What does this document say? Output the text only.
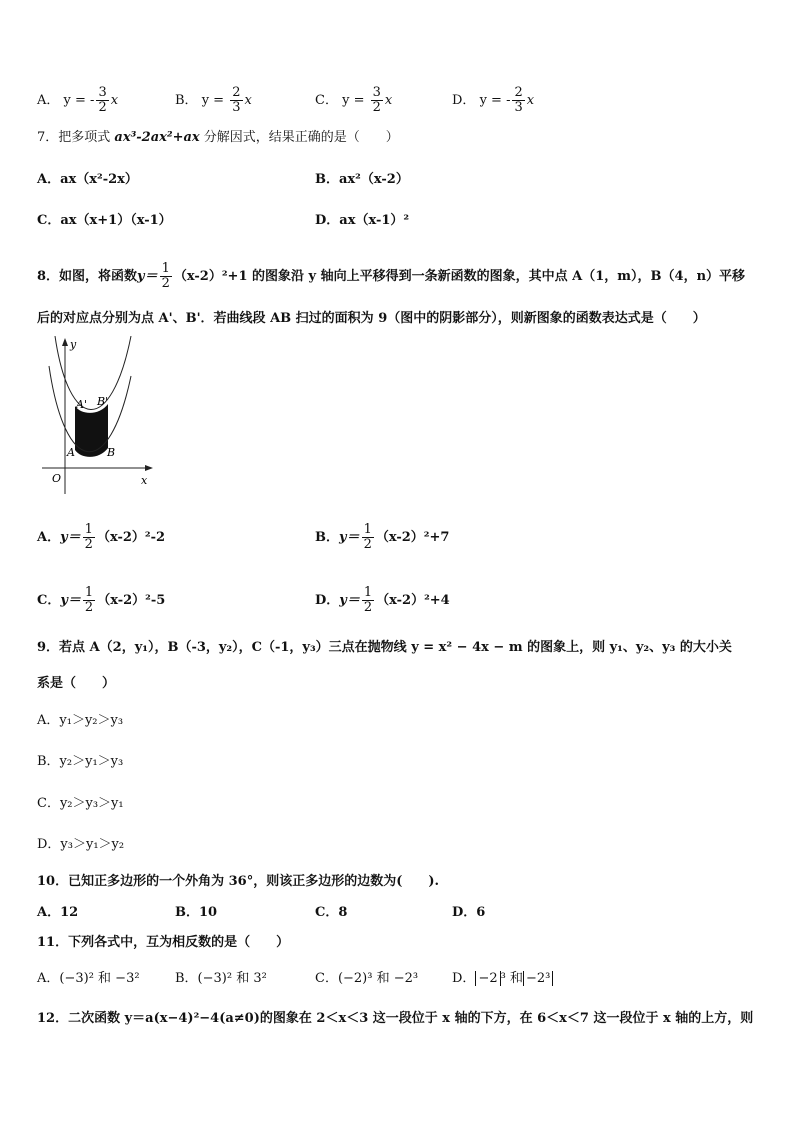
A． y = - $\frac{3}{2}$ x	B． $y = \frac{2}{3}$ x	C． $y = \frac{3}{2}$ x	D． y = - $\frac{2}{3}$ x
7．把多项式 ax³-2ax²+ax 分解因式，结果正确的是（　　）
A．ax（x²-2x）	B．ax²（x-2）
C．ax（x+1）（x-1）	D．ax（x-1）²
8．如图，将函数$y= \frac{1}{2} (x-2)^2+1$ 的图象沿 y 轴向上平移得到一条新函数的图象，其中点 A（1，m），B（4，n）平移
后的对应点分别为点 A'、B'．若曲线段 AB 扫过的面积为 9（图中的阴影部分），则新图象的函数表达式是（　　）
y
x
O
A	B
A' B'
A．$y= \frac{1}{2} (x-2)^2-2$	B．$y= \frac{1}{2} (x-2)^2+7$
C．$y= \frac{1}{2} (x-2)^2-5$	D．$y= \frac{1}{2} (x-2)^2+4$
9．若点 A（2，y₁），B（-3，y₂），C（-1，y₃）三点在抛物线 y = x² − 4x − m 的图象上，则 y₁、y₂、y₃ 的大小关
系是（　　）
A．y₁＞y₂＞y₃
B．y₂＞y₁＞y₃
C．y₂＞y₃＞y₁
D．y₃＞y₁＞y₂
10．已知正多边形的一个外角为 36°，则该正多边形的边数为(　　).
A．12	B．10	C．8	D．6
11．下列各式中，互为相反数的是（　　）
A．(−3)² 和 −3²	B．(−3)² 和 3²	C．(−2)³ 和 −2³	D． −2 ³ 和 −2³
12．二次函数 y＝a(x−4)²−4(a≠0)的图象在 2＜x＜3 这一段位于 x 轴的下方，在 6＜x＜7 这一段位于 x 轴的上方，则
